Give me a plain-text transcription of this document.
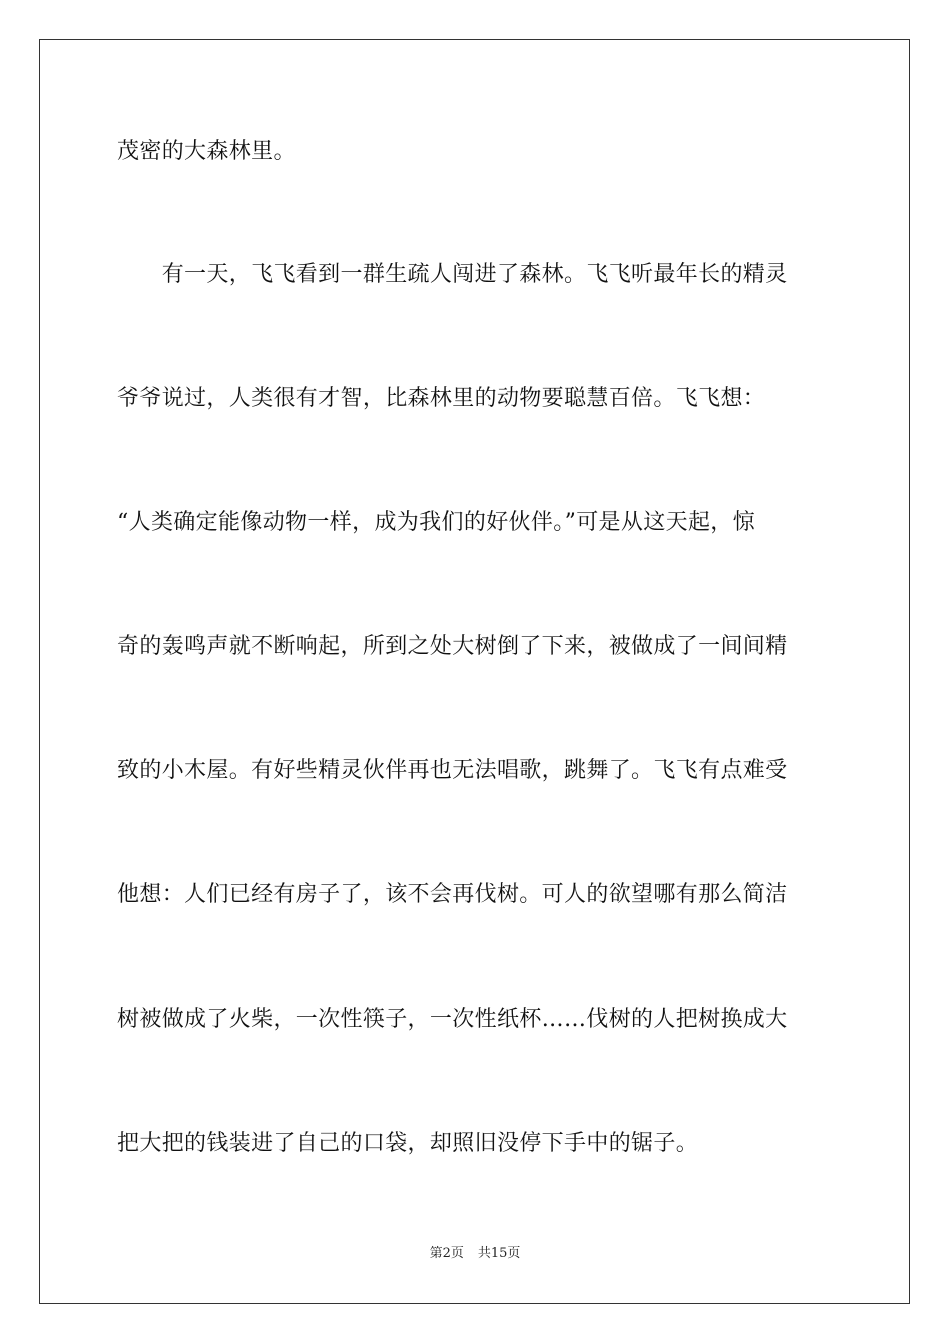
茂密的大森林里。
　　有一天，飞飞看到一群生疏人闯进了森林。飞飞听最年长的精灵
爷爷说过，人类很有才智，比森林里的动物要聪慧百倍。飞飞想：
“人类确定能像动物一样，成为我们的好伙伴。”可是从这天起，惊
奇的轰鸣声就不断响起，所到之处大树倒了下来，被做成了一间间精
致的小木屋。有好些精灵伙伴再也无法唱歌，跳舞了。飞飞有点难受
他想：人们已经有房子了，该不会再伐树。可人的欲望哪有那么简洁
树被做成了火柴，一次性筷子，一次性纸杯……伐树的人把树换成大
把大把的钱装进了自己的口袋，却照旧没停下手中的锯子。
第2页 共15页
